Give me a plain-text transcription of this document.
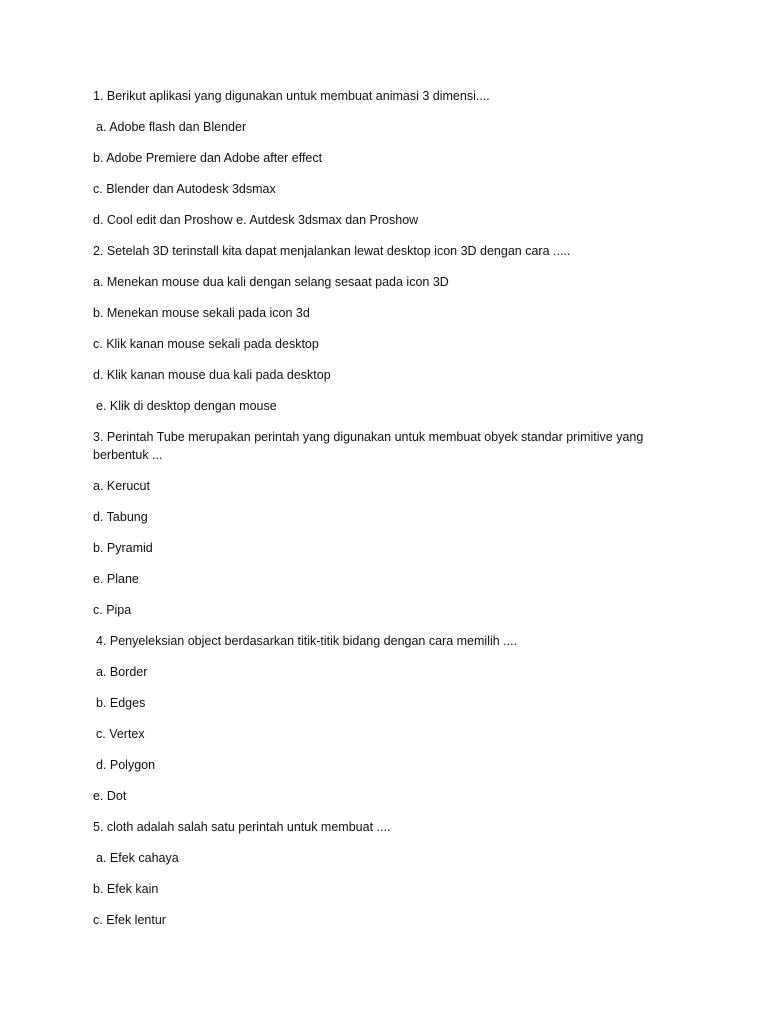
1. Berikut aplikasi yang digunakan untuk membuat animasi 3 dimensi....
a. Adobe flash dan Blender
b. Adobe Premiere dan Adobe after effect
c. Blender dan Autodesk 3dsmax
d. Cool edit dan Proshow e. Autdesk 3dsmax dan Proshow
2. Setelah 3D terinstall kita dapat menjalankan lewat desktop icon 3D dengan cara .....
a. Menekan mouse dua kali dengan selang sesaat pada icon 3D
b. Menekan mouse sekali pada icon 3d
c. Klik kanan mouse sekali pada desktop
d. Klik kanan mouse dua kali pada desktop
e. Klik di desktop dengan mouse
3. Perintah Tube merupakan perintah yang digunakan untuk membuat obyek standar primitive yang berbentuk ...
a. Kerucut
d. Tabung
b. Pyramid
e. Plane
c. Pipa
4. Penyeleksian object berdasarkan titik-titik bidang dengan cara memilih ....
a. Border
b. Edges
c. Vertex
d. Polygon
e. Dot
5. cloth adalah salah satu perintah untuk membuat ....
a. Efek cahaya
b. Efek kain
c. Efek lentur
